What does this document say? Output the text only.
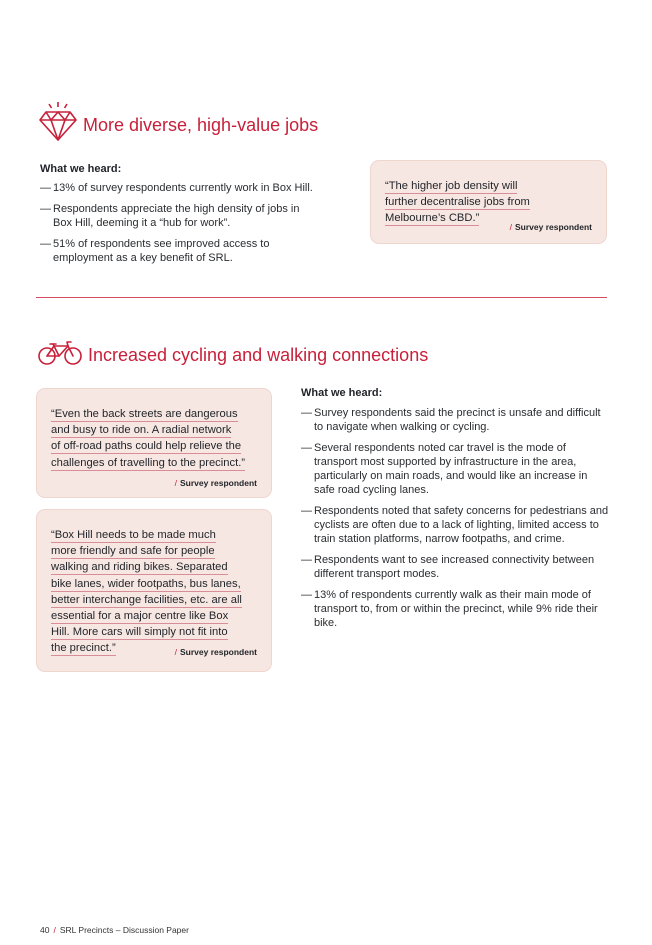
More diverse, high-value jobs
What we heard:
— 13% of survey respondents currently work in Box Hill.
— Respondents appreciate the high density of jobs in Box Hill, deeming it a “hub for work”.
— 51% of respondents see improved access to employment as a key benefit of SRL.
“The higher job density will
further decentralise jobs from
Melbourne’s CBD.”
/ Survey respondent
Increased cycling and walking connections
“Even the back streets are dangerous
and busy to ride on. A radial network
of off-road paths could help relieve the
challenges of travelling to the precinct.”
/ Survey respondent
“Box Hill needs to be made much
more friendly and safe for people
walking and riding bikes. Separated
bike lanes, wider footpaths, bus lanes,
better interchange facilities, etc. are all
essential for a major centre like Box
Hill. More cars will simply not fit into
the precinct.”	/ Survey respondent
What we heard:
— Survey respondents said the precinct is unsafe and difficult to navigate when walking or cycling.
— Several respondents noted car travel is the mode of transport most supported by infrastructure in the area, particularly on main roads, and would like an increase in safe road cycling lanes.
— Respondents noted that safety concerns for pedestrians and cyclists are often due to a lack of lighting, limited access to train station platforms, narrow footpaths, and crime.
— Respondents want to see increased connectivity between different transport modes.
— 13% of respondents currently walk as their main mode of transport to, from or within the precinct, while 9% ride their bike.
40 / SRL Precincts – Discussion Paper
